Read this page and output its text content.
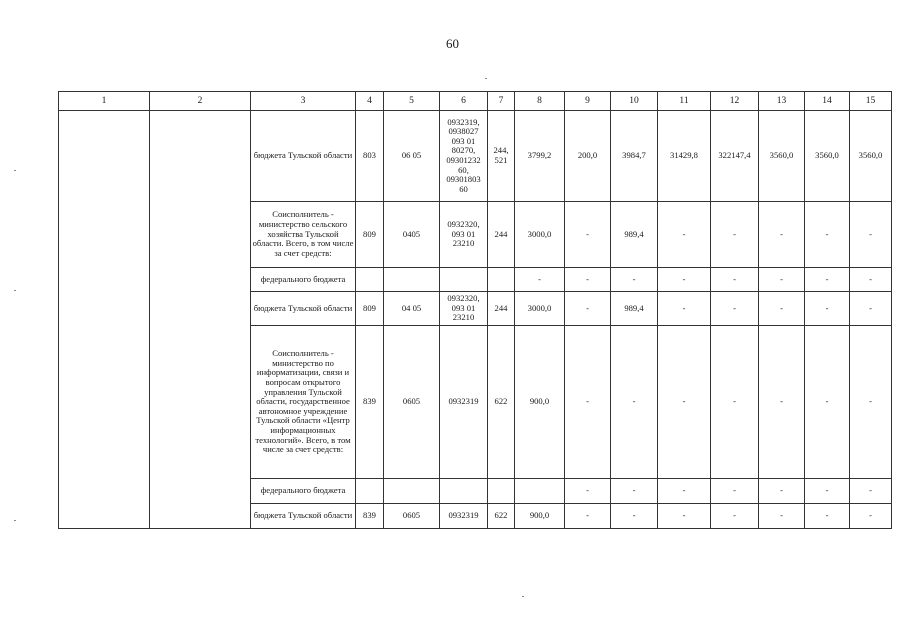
60
1	2	3	4	5	6	7	8	9	10	11	12	13	14	15
		бюджета Тульской области	803	06 05	0932319, 0938027 093 01 80270, 09301232 60, 09301803 60	244, 521	3799,2	200,0	3984,7	31429,8	322147,4	3560,0	3560,0	3560,0
		Соисполнитель - министерство сельского хозяйства Тульской области. Всего, в том числе за счет средств:	809	0405	0932320, 093 01 23210	244	3000,0	-	989,4	-	-	-	-	-
		федерального бюджета					-	-	-	-	-	-	-	-
		бюджета Тульской области	809	04 05	0932320, 093 01 23210	244	3000,0	-	989,4	-	-	-	-	-
		Соисполнитель - министерство по информатизации, связи и вопросам открытого управления Тульской области, государственное автономное учреждение Тульской области «Центр информационных технологий». Всего, в том числе за счет средств:	839	0605	0932319	622	900,0	-	-	-	-	-	-	-
		федерального бюджета						-	-	-	-	-	-	-
		бюджета Тульской области	839	0605	0932319	622	900,0	-	-	-	-	-	-	-
